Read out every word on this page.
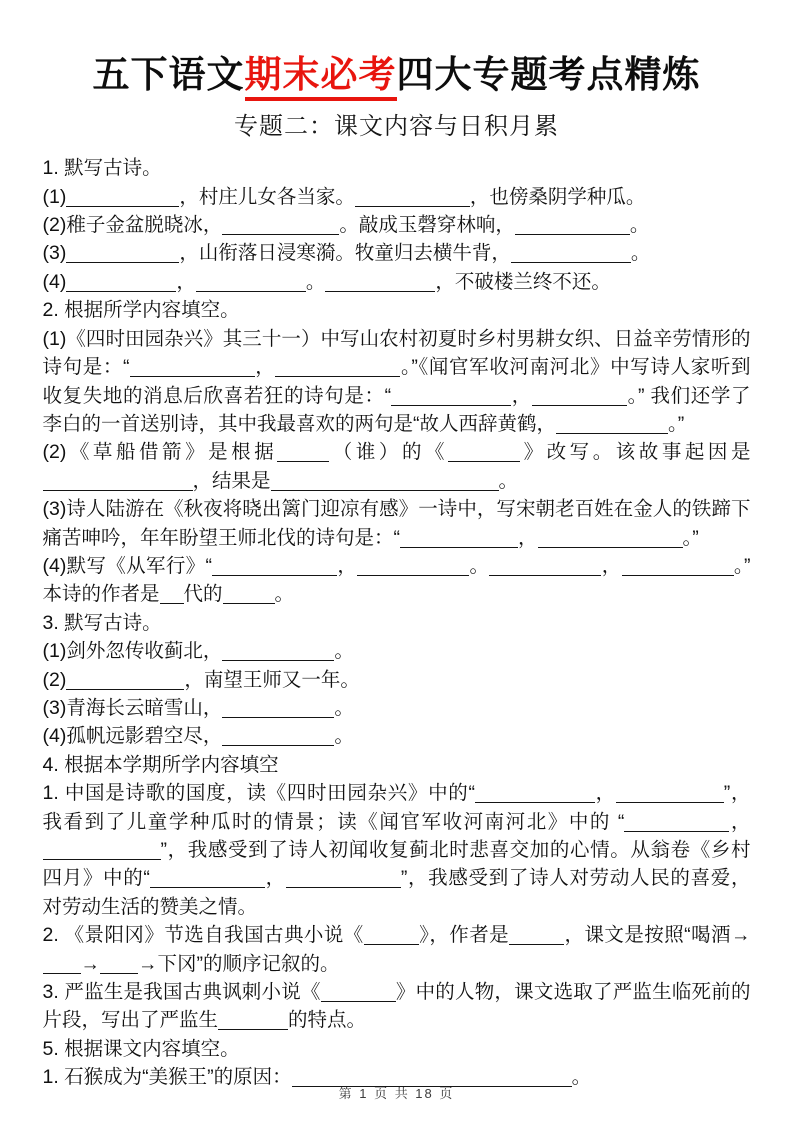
五下语文期末必考四大专题考点精炼
专题二：课文内容与日积月累
1. 默写古诗。
(1)	，村庄儿女各当家。	，也傍桑阴学种瓜。
(2)稚子金盆脱晓冰，	。敲成玉磬穿林响，	。
(3)	，山衔落日浸寒漪。牧童归去横牛背，	。
(4)	，	。	，不破楼兰终不还。
2. 根据所学内容填空。
(1)《四时田园杂兴》其三十一）中写山农村初夏时乡村男耕女织、日益辛劳情形的诗句是：“	，	。”《闻官军收河南河北》中写诗人家听到收复失地的消息后欣喜若狂的诗句是：“	，	。” 我们还学了李白的一首送别诗，其中我最喜欢的两句是“故人西辞黄鹤，	。”
(2)《草船借箭》是根据	（谁）的《	》改写。该故事起因是，结果是	。
(3)诗人陆游在《秋夜将晓出篱门迎凉有感》一诗中，写宋朝老百姓在金人的铁蹄下痛苦呻吟，年年盼望王师北伐的诗句是：“	，	。”
(4)默写《从军行》“	，	。	，	。” 本诗的作者是 代的	。
3. 默写古诗。
(1)剑外忽传收蓟北，	。
(2)	，南望王师又一年。
(3)青海长云暗雪山，	。
(4)孤帆远影碧空尽，	。
4. 根据本学期所学内容填空
1. 中国是诗歌的国度，读《四时田园杂兴》中的“	，	”，我看到了儿童学种瓜时的情景；读《闻官军收河南河北》中的 “	，”，我感受到了诗人初闻收复蓟北时悲喜交加的心情。从翁卷《乡村四月》中的“	，	”，我感受到了诗人对劳动人民的喜爱，对劳动生活的赞美之情。
2. 《景阳冈》节选自我国古典小说《	》，作者是	，课文是按照“喝酒→→ →下冈”的顺序记叙的。
3. 严监生是我国古典讽刺小说《	》中的人物，课文选取了严监生临死前的片段，写出了严监生	的特点。
5. 根据课文内容填空。
1. 石猴成为“美猴王”的原因：	。
第 1 页 共 18 页
